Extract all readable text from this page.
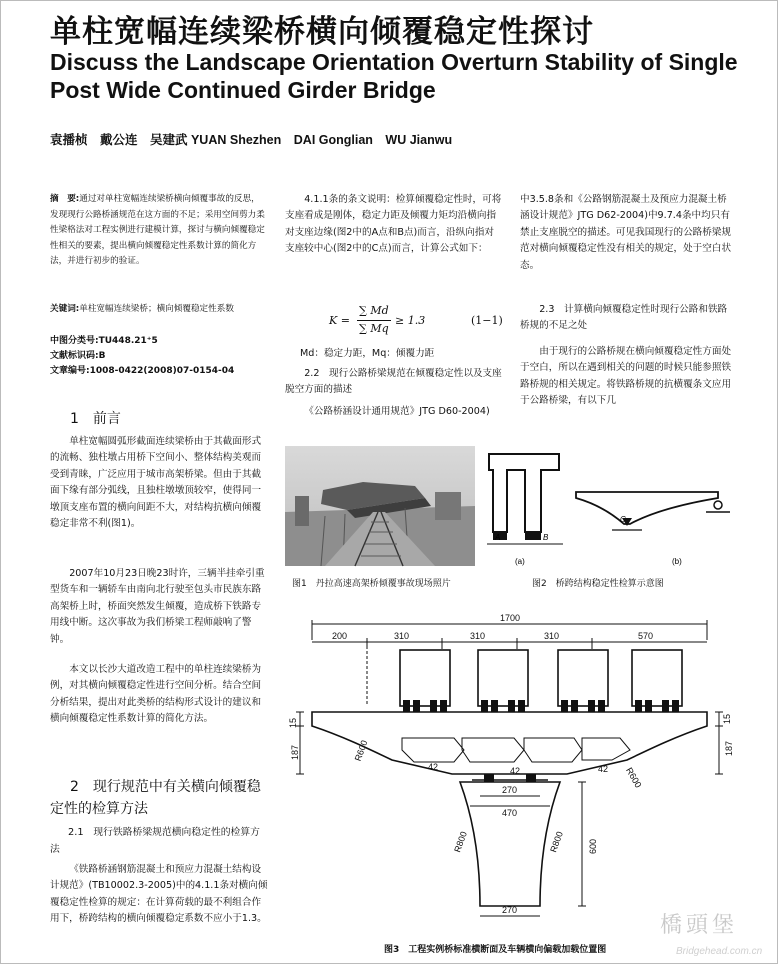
单柱宽幅连续梁桥横向倾覆稳定性探讨
Discuss the Landscape Orientation Overturn Stability of Single Post Wide Continued Girder Bridge
袁播桢　戴公连　吴建武 YUAN Shezhen　DAI Gonglian　WU Jianwu
摘　要:通过对单柱宽幅连续梁桥横向倾覆事故的反思，发现现行公路桥涵规范在这方面的不足；采用空间剪力柔性梁格法对工程实例进行建模计算，探讨与横向倾覆稳定性相关的要素，提出横向倾覆稳定性系数计算的简化方法，并进行初步的验证。
关键词:单柱宽幅连续梁桥；横向倾覆稳定性系数
中图分类号:TU448.21⁺5
文献标识码:B
文章编号:1008-0422(2008)07-0154-04
1　前言
单柱宽幅圆弧形截面连续梁桥由于其截面形式的流畅、独柱墩占用桥下空间小、整体结构美观而受到青睐，广泛应用于城市高架桥梁。但由于其截面下缘有部分弧线，且独柱墩墩顶较窄，使得同一墩顶支座布置的横向间距不大，对结构抗横向倾覆稳定非常不利(图1)。
2007年10月23日晚23时许，三辆半挂牵引重型货车和一辆轿车由南向北行驶至包头市民族东路高架桥上时，桥面突然发生倾覆，造成桥下铁路专用线中断。这次事故为我们桥梁工程师敲响了警钟。
本文以长沙大道改造工程中的单柱连续梁桥为例，对其横向倾覆稳定性进行空间分析。结合空间分析结果，提出对此类桥的结构形式设计的建议和横向倾覆稳定性系数计算的简化方法。
2　现行规范中有关横向倾覆稳定性的检算方法
2.1　现行铁路桥梁规范横向稳定性的检算方法
《铁路桥涵钢筋混凝土和预应力混凝土结构设计规范》(TB10002.3-2005)中的4.1.1条对横向倾覆稳定性检算的规定：在计算荷载的最不利组合作用下，桥跨结构的横向倾覆稳定系数不应小于1.3。
4.1.1条的条文说明：检算倾覆稳定性时，可将支座看成是刚体，稳定力距及倾覆力矩均沿横向指对支座边缘(图2中的A点和B点)而言，沿纵向指对支座较中心(图2中的C点)而言，计算公式如下：
K =
∑ Md
∑ Mq
≥ 1.3	(1−1)
Md：稳定力距，Mq：倾覆力距
2.2　现行公路桥梁规范在倾覆稳定性以及支座脱空方面的描述
《公路桥涵设计通用规范》JTG D60-2004)
中3.5.8条和《公路钢筋混凝土及预应力混凝土桥涵设计规范》JTG D62-2004)中9.7.4条中均只有禁止支座脱空的描述。可见我国现行的公路桥梁规范对横向倾覆稳定性没有相关的规定，处于空白状态。
2.3　计算横向倾覆稳定性时现行公路和铁路桥规的不足之处
由于现行的公路桥规在横向倾覆稳定性方面处于空白，所以在遇到相关的问题的时候只能参照铁路桥规的相关规定。将铁路桥规的抗横覆条文应用于公路桥梁，有以下几
图1　丹拉高速高架桥倾覆事故现场照片
A	B
(a)
C
(b)
图2　桥跨结构稳定性检算示意图
1700
200	310	310	310	570
15
187
15
187
R600
R600
42	42	42
270
470
R800	R800	600
270
图3　工程实例桥标准横断面及车辆横向偏载加载位置图
橋頭堡
Bridgehead.com.cn
